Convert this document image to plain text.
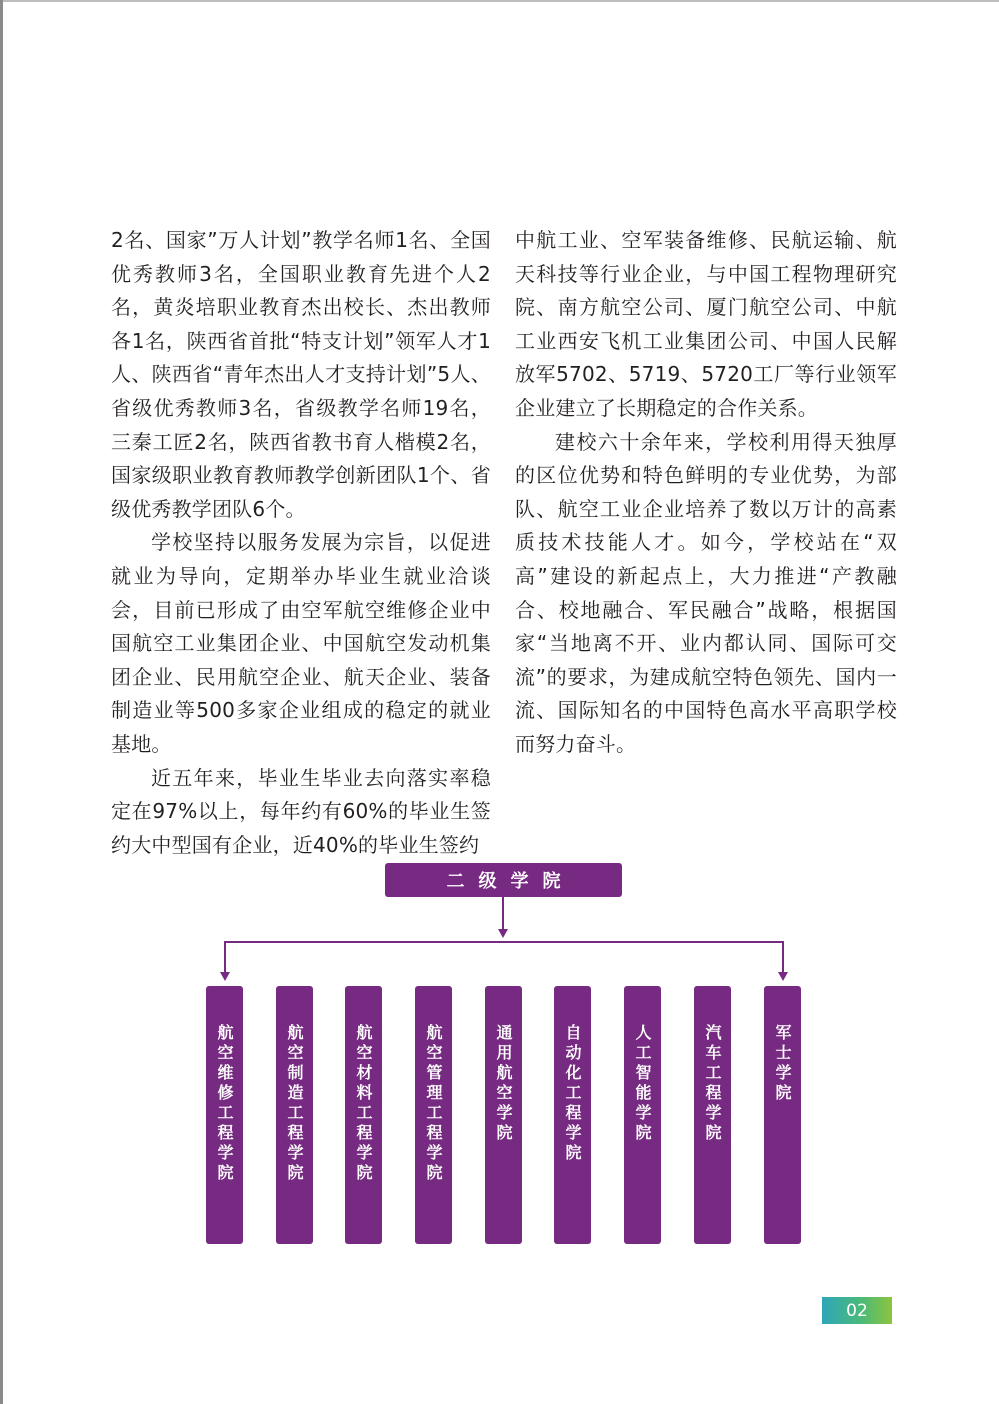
2名、国家”万人计划”教学名师1名、全国优秀教师3名，全国职业教育先进个人2名，黄炎培职业教育杰出校长、杰出教师各1名，陕西省首批“特支计划”领军人才1人、陕西省“青年杰出人才支持计划”5人、省级优秀教师3名，省级教学名师19名，三秦工匠2名，陕西省教书育人楷模2名，国家级职业教育教师教学创新团队1个、省级优秀教学团队6个。

学校坚持以服务发展为宗旨，以促进就业为导向，定期举办毕业生就业洽谈会，目前已形成了由空军航空维修企业中国航空工业集团企业、中国航空发动机集团企业、民用航空企业、航天企业、装备制造业等500多家企业组成的稳定的就业基地。

近五年来，毕业生毕业去向落实率稳定在97%以上，每年约有60%的毕业生签约大中型国有企业，近40%的毕业生签约

中航工业、空军装备维修、民航运输、航天科技等行业企业，与中国工程物理研究院、南方航空公司、厦门航空公司、中航工业西安飞机工业集团公司、中国人民解放军5702、5719、5720工厂等行业领军企业建立了长期稳定的合作关系。

建校六十余年来，学校利用得天独厚的区位优势和特色鲜明的专业优势，为部队、航空工业企业培养了数以万计的高素质技术技能人才。如今，学校站在“双高”建设的新起点上，大力推进“产教融合、校地融合、军民融合”战略，根据国家“当地离不开、业内都认同、国际可交流”的要求，为建成航空特色领先、国内一流、国际知名的中国特色高水平高职学校而努力奋斗。

二级学院
航空维修工程学院	航空制造工程学院	航空材料工程学院	航空管理工程学院	通用航空学院	自动化工程学院	人工智能学院	汽车工程学院	军士学院
02
